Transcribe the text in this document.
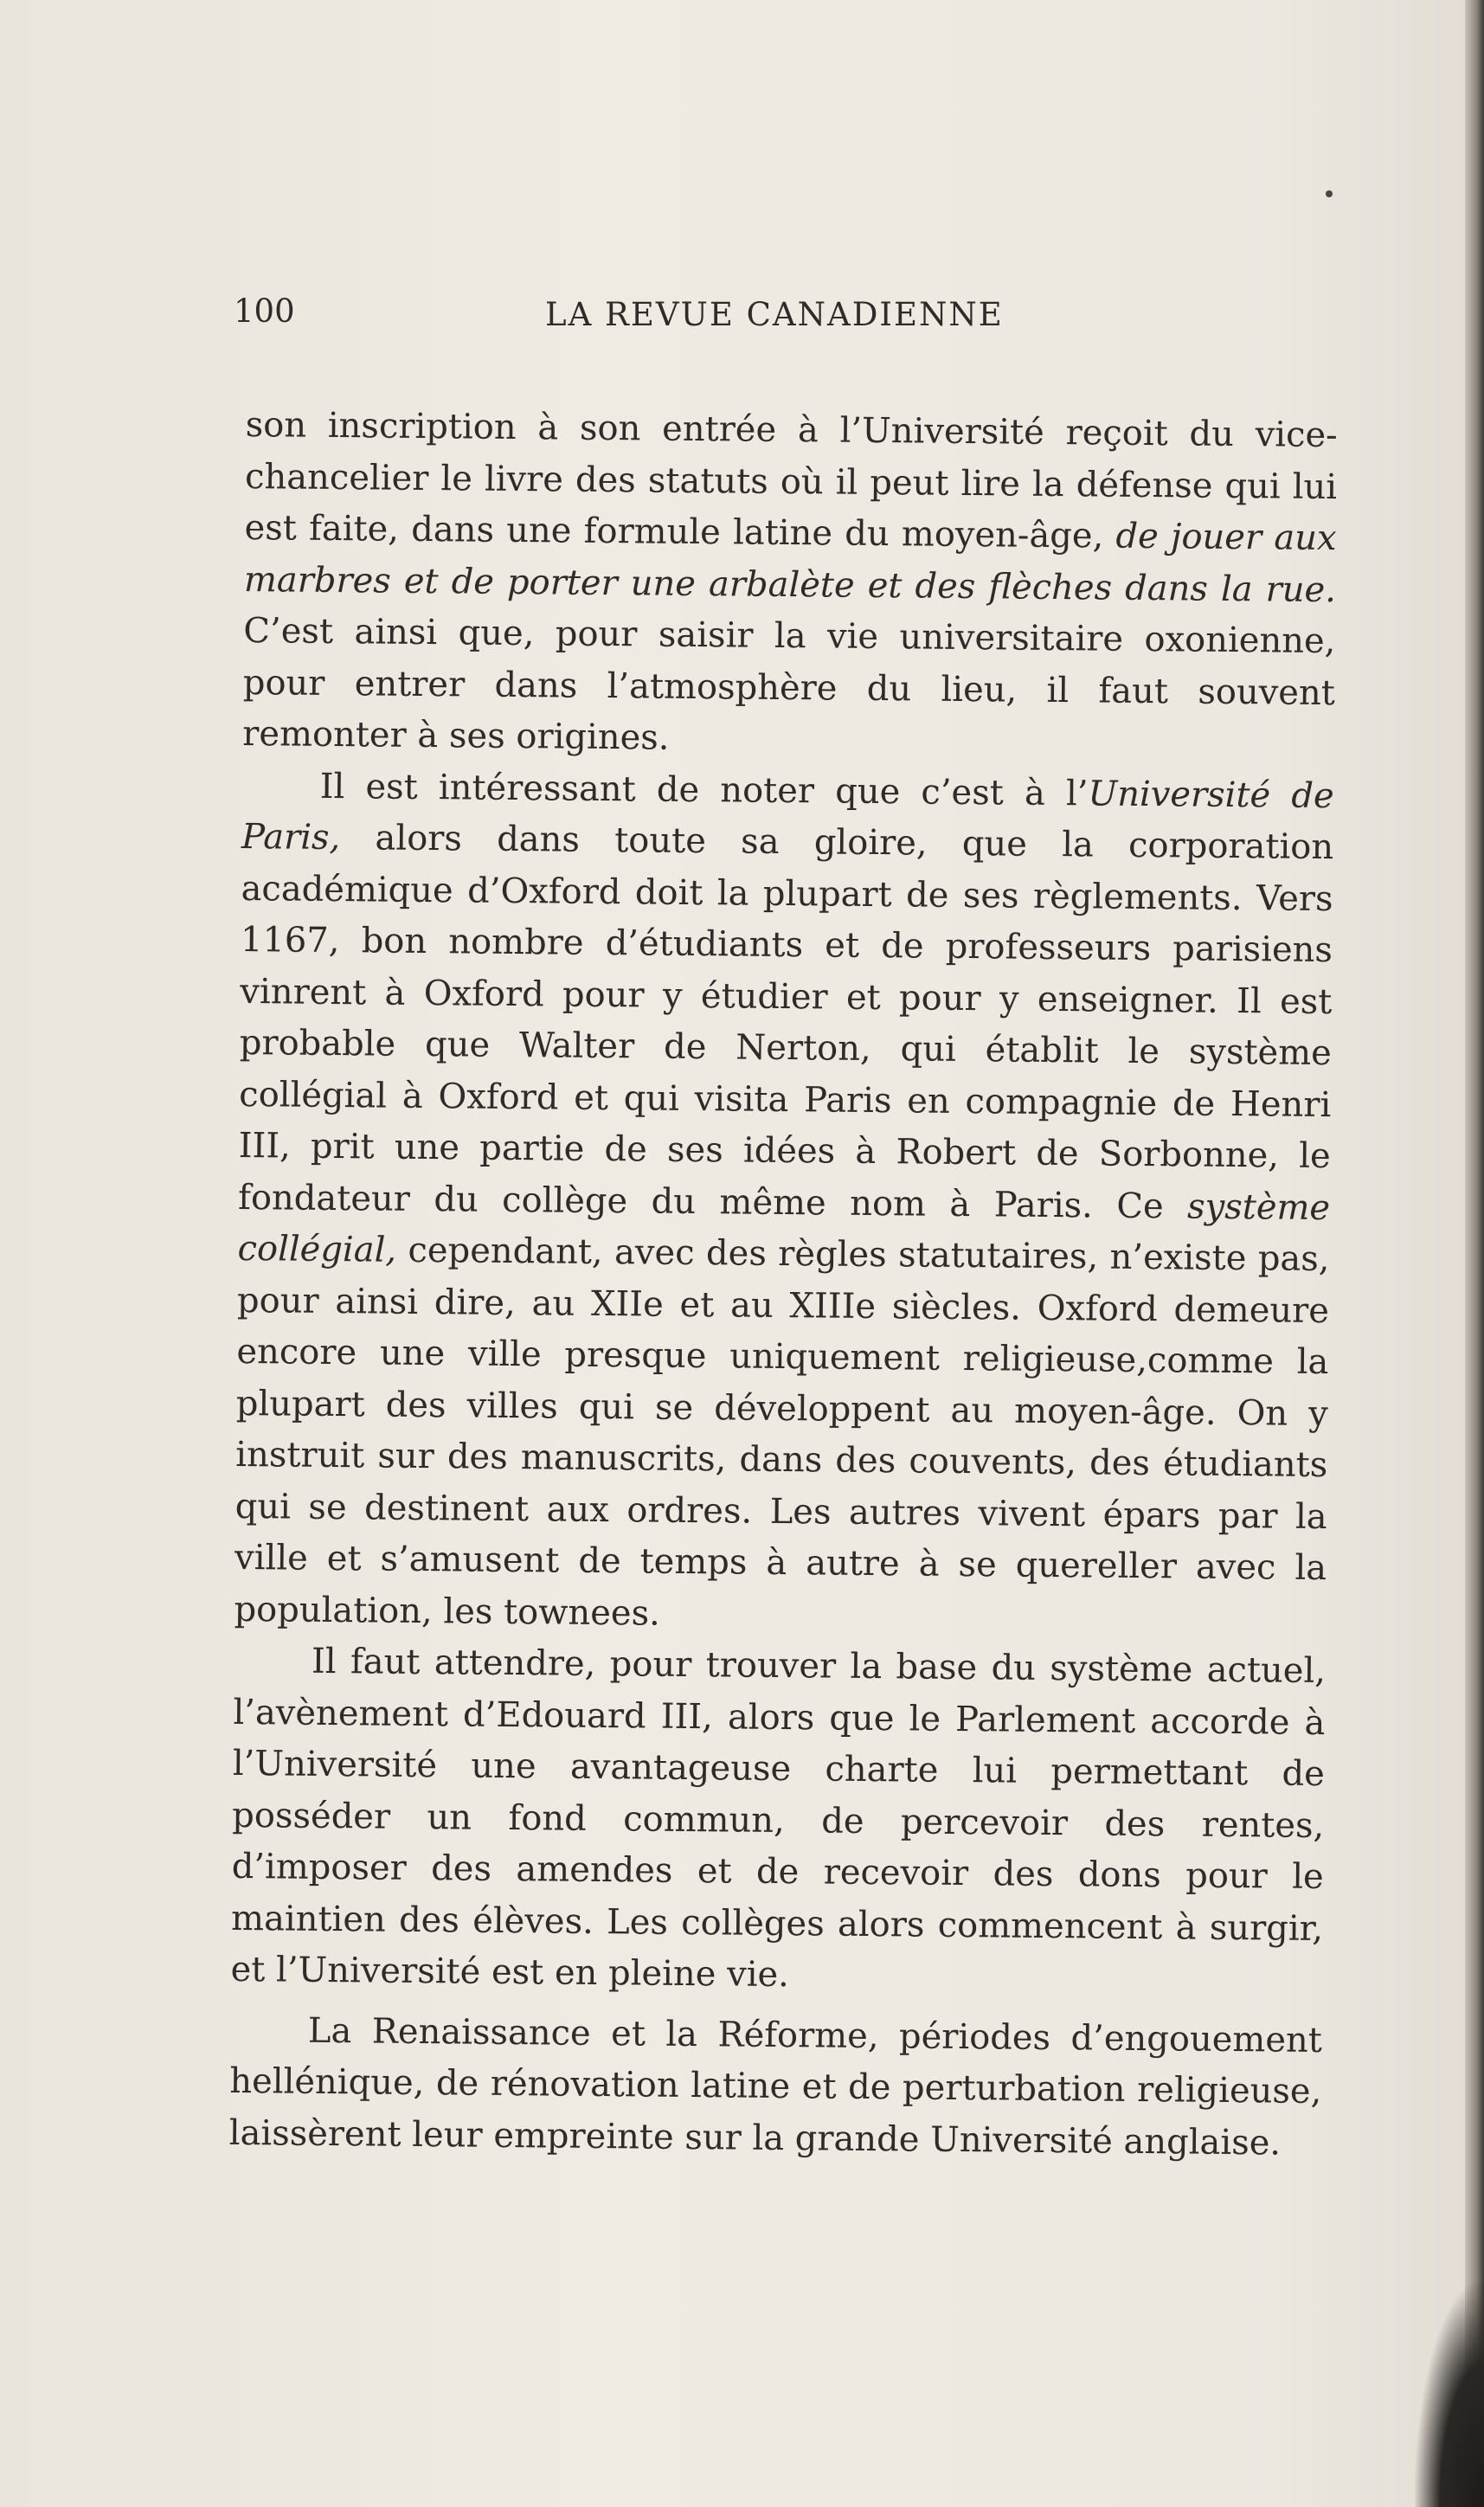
100	LA REVUE CANADIENNE

son inscription à son entrée à l’Université reçoit du vice-chancelier le livre des statuts où il peut lire la défense qui lui est faite, dans une formule latine du moyen-âge, de jouer aux marbres et de porter une arbalète et des flèches dans la rue. C’est ainsi que, pour saisir la vie universitaire oxonienne, pour entrer dans l’atmosphère du lieu, il faut souvent remonter à ses origines.

Il est intéressant de noter que c’est à l’Université de Paris, alors dans toute sa gloire, que la corporation académique d’Oxford doit la plupart de ses règlements. Vers 1167, bon nombre d’étudiants et de professeurs parisiens vinrent à Oxford pour y étudier et pour y enseigner. Il est probable que Walter de Nerton, qui établit le système collégial à Oxford et qui visita Paris en compagnie de Henri III, prit une partie de ses idées à Robert de Sorbonne, le fondateur du collège du même nom à Paris. Ce système collégial, cependant, avec des règles statutaires, n’existe pas, pour ainsi dire, au XIIe et au XIIIe siècles. Oxford demeure encore une ville presque uniquement religieuse,comme la plupart des villes qui se développent au moyen-âge. On y instruit sur des manuscrits, dans des couvents, des étudiants qui se destinent aux ordres. Les autres vivent épars par la ville et s’amusent de temps à autre à se quereller avec la population, les townees.

Il faut attendre, pour trouver la base du système actuel, l’avènement d’Edouard III, alors que le Parlement accorde à l’Université une avantageuse charte lui permettant de posséder un fond commun, de percevoir des rentes, d’imposer des amendes et de recevoir des dons pour le maintien des élèves. Les collèges alors commencent à surgir, et l’Université est en pleine vie.

La Renaissance et la Réforme, périodes d’engouement hellénique, de rénovation latine et de perturbation religieuse, laissèrent leur empreinte sur la grande Université anglaise.
